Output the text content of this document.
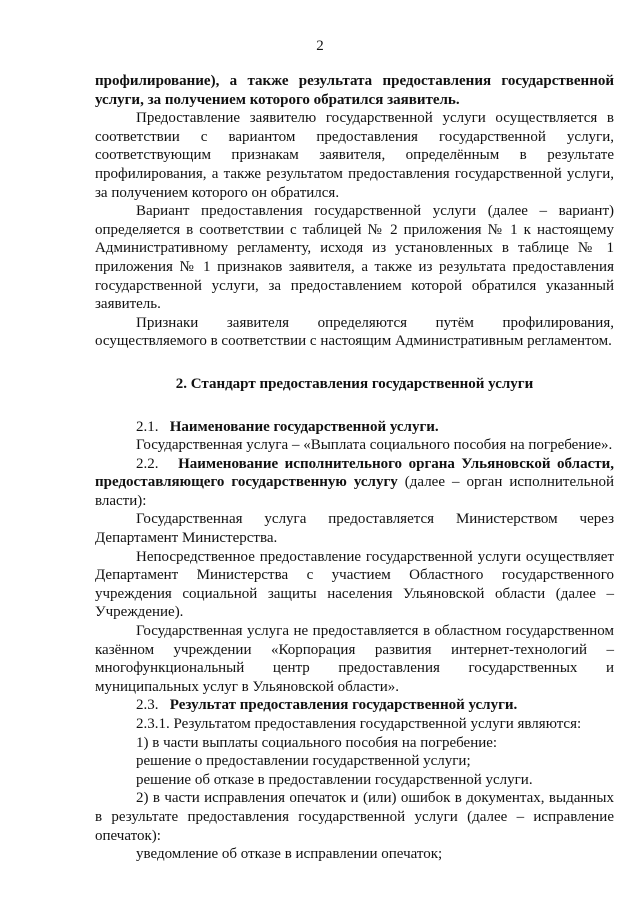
2

профилирование), а также результата предоставления государственной услуги, за получением которого обратился заявитель.

Предоставление заявителю государственной услуги осуществляется в соответствии с вариантом предоставления государственной услуги, соответствующим признакам заявителя, определённым в результате профилирования, а также результатом предоставления государственной услуги, за получением которого он обратился.

Вариант предоставления государственной услуги (далее – вариант) определяется в соответствии с таблицей № 2 приложения № 1 к настоящему Административному регламенту, исходя из установленных в таблице № 1 приложения № 1 признаков заявителя, а также из результата предоставления государственной услуги, за предоставлением которой обратился указанный заявитель.

Признаки заявителя определяются путём профилирования, осуществляемого в соответствии с настоящим Административным регламентом.

2. Стандарт предоставления государственной услуги

2.1. Наименование государственной услуги.

Государственная услуга – «Выплата социального пособия на погребение».

2.2. Наименование исполнительного органа Ульяновской области, предоставляющего государственную услугу (далее – орган исполнительной власти):

Государственная услуга предоставляется Министерством через Департамент Министерства.

Непосредственное предоставление государственной услуги осуществляет Департамент Министерства с участием Областного государственного учреждения социальной защиты населения Ульяновской области (далее – Учреждение).

Государственная услуга не предоставляется в областном государственном казённом учреждении «Корпорация развития интернет-технологий – многофункциональный центр предоставления государственных и муниципальных услуг в Ульяновской области».

2.3. Результат предоставления государственной услуги.

2.3.1. Результатом предоставления государственной услуги являются:

1) в части выплаты социального пособия на погребение:

решение о предоставлении государственной услуги;

решение об отказе в предоставлении государственной услуги.

2) в части исправления опечаток и (или) ошибок в документах, выданных в результате предоставления государственной услуги (далее – исправление опечаток):

уведомление об отказе в исправлении опечаток;
